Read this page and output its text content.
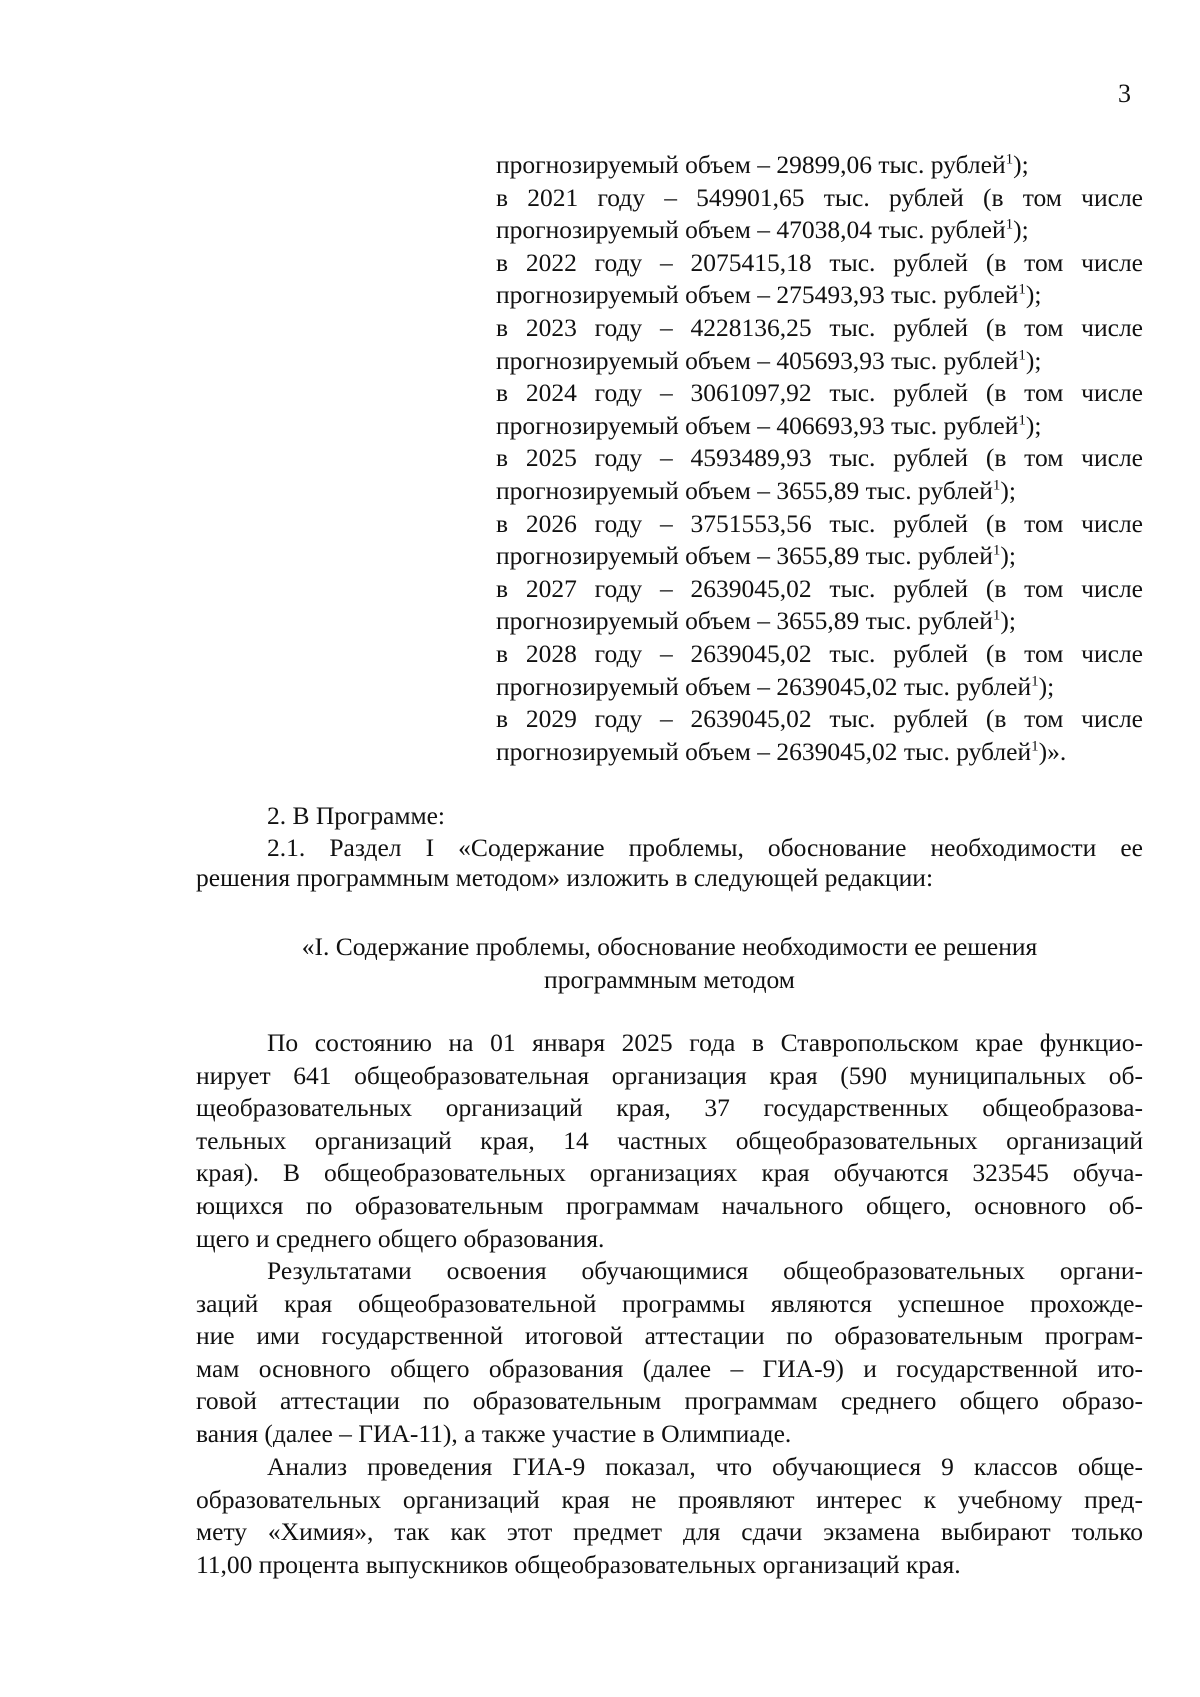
3
прогнозируемый объем – 29899,06 тыс. рублей$^1$);
в 2021 году – 549901,65 тыс. рублей (в том числе
прогнозируемый объем – 47038,04 тыс. рублей$^1$);
в 2022 году – 2075415,18 тыс. рублей (в том числе
прогнозируемый объем – 275493,93 тыс. рублей$^1$);
в 2023 году – 4228136,25 тыс. рублей (в том числе
прогнозируемый объем – 405693,93 тыс. рублей$^1$);
в 2024 году – 3061097,92 тыс. рублей (в том числе
прогнозируемый объем – 406693,93 тыс. рублей$^1$);
в 2025 году – 4593489,93 тыс. рублей (в том числе
прогнозируемый объем – 3655,89 тыс. рублей$^1$);
в 2026 году – 3751553,56 тыс. рублей (в том числе
прогнозируемый объем – 3655,89 тыс. рублей$^1$);
в 2027 году – 2639045,02 тыс. рублей (в том числе
прогнозируемый объем – 3655,89 тыс. рублей$^1$);
в 2028 году – 2639045,02 тыс. рублей (в том числе
прогнозируемый объем – 2639045,02 тыс. рублей$^1$);
в 2029 году – 2639045,02 тыс. рублей (в том числе
прогнозируемый объем – 2639045,02 тыс. рублей$^1$)».
2. В Программе:
2.1. Раздел I «Содержание проблемы, обоснование необходимости ее
решения программным методом» изложить в следующей редакции:
«I. Содержание проблемы, обоснование необходимости ее решения
программным методом
По состоянию на 01 января 2025 года в Ставропольском крае функцио-
нирует 641 общеобразовательная организация края (590 муниципальных об-
щеобразовательных организаций края, 37 государственных общеобразова-
тельных организаций края, 14 частных общеобразовательных организаций
края). В общеобразовательных организациях края обучаются 323545 обуча-
ющихся по образовательным программам начального общего, основного об-
щего и среднего общего образования.
Результатами освоения обучающимися общеобразовательных органи-
заций края общеобразовательной программы являются успешное прохожде-
ние ими государственной итоговой аттестации по образовательным програм-
мам основного общего образования (далее – ГИА-9) и государственной ито-
говой аттестации по образовательным программам среднего общего образо-
вания (далее – ГИА-11), а также участие в Олимпиаде.
Анализ проведения ГИА-9 показал, что обучающиеся 9 классов обще-
образовательных организаций края не проявляют интерес к учебному пред-
мету «Химия», так как этот предмет для сдачи экзамена выбирают только
11,00 процента выпускников общеобразовательных организаций края.
